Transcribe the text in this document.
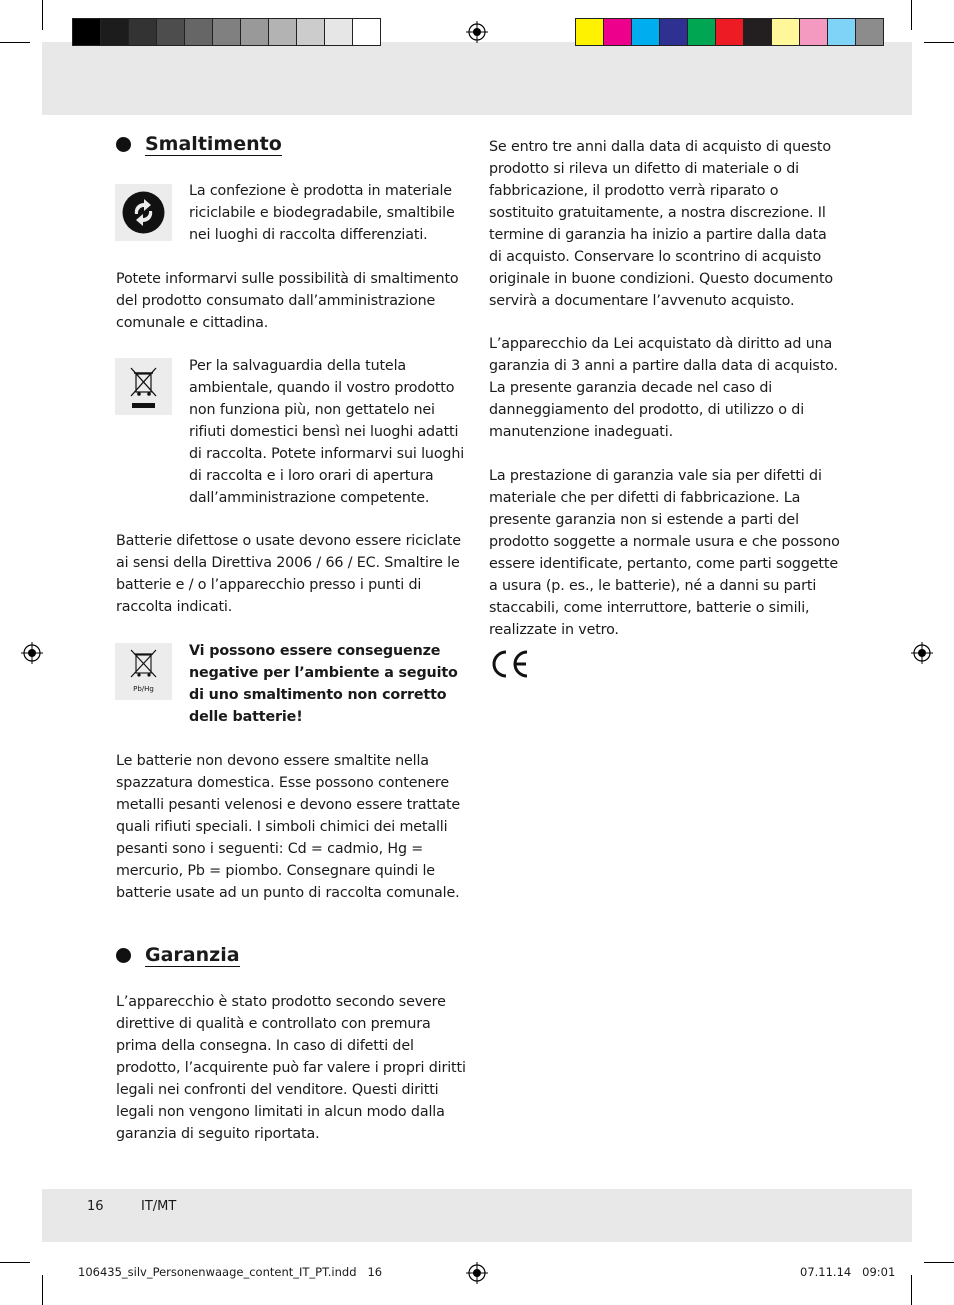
Smaltimento

La confezione è prodotta in materiale riciclabile e biodegradabile, smaltibile nei luoghi di raccolta differenziati.

Potete informarvi sulle possibilità di smaltimento del prodotto consumato dall’amministrazione comunale e cittadina.

Per la salvaguardia della tutela ambientale, quando il vostro prodotto non funziona più, non gettatelo nei rifiuti domestici bensì nei luoghi adatti di raccolta. Potete informarvi sui luoghi di raccolta e i loro orari di apertura dall’amministrazione competente.

Batterie difettose o usate devono essere riciclate ai sensi della Direttiva 2006 / 66 / EC. Smaltire le batterie e / o l’apparecchio presso i punti di raccolta indicati.

Pb/Hg

Vi possono essere conseguenze negative per l’ambiente a seguito di uno smaltimento non corretto delle batterie!

Le batterie non devono essere smaltite nella spazzatura domestica. Esse possono contenere metalli pesanti velenosi e devono essere trattate quali rifiuti speciali. I simboli chimici dei metalli pesanti sono i seguenti: Cd = cadmio, Hg = mercurio, Pb = piombo. Consegnare quindi le batterie usate ad un punto di raccolta comunale.

Garanzia

L’apparecchio è stato prodotto secondo severe direttive di qualità e controllato con premura prima della consegna. In caso di difetti del prodotto, l’acquirente può far valere i propri diritti legali nei confronti del venditore. Questi diritti legali non vengono limitati in alcun modo dalla garanzia di seguito riportata.

Se entro tre anni dalla data di acquisto di questo prodotto si rileva un difetto di materiale o di fabbricazione, il prodotto verrà riparato o sostituito gratuitamente, a nostra discrezione. Il termine di garanzia ha inizio a partire dalla data di acquisto. Conservare lo scontrino di acquisto originale in buone condizioni. Questo documento servirà a documentare l’avvenuto acquisto.

L’apparecchio da Lei acquistato dà diritto ad una garanzia di 3 anni a partire dalla data di acquisto. La presente garanzia decade nel caso di danneggiamento del prodotto, di utilizzo o di manutenzione inadeguati.

La prestazione di garanzia vale sia per difetti di materiale che per difetti di fabbricazione. La presente garanzia non si estende a parti del prodotto soggette a normale usura e che possono essere identificate, pertanto, come parti soggette a usura (p. es., le batterie), né a danni su parti staccabili, come interruttore, batterie o simili, realizzate in vetro.

16	IT/MT
106435_silv_Personenwaage_content_IT_PT.indd   16	07.11.14   09:01
